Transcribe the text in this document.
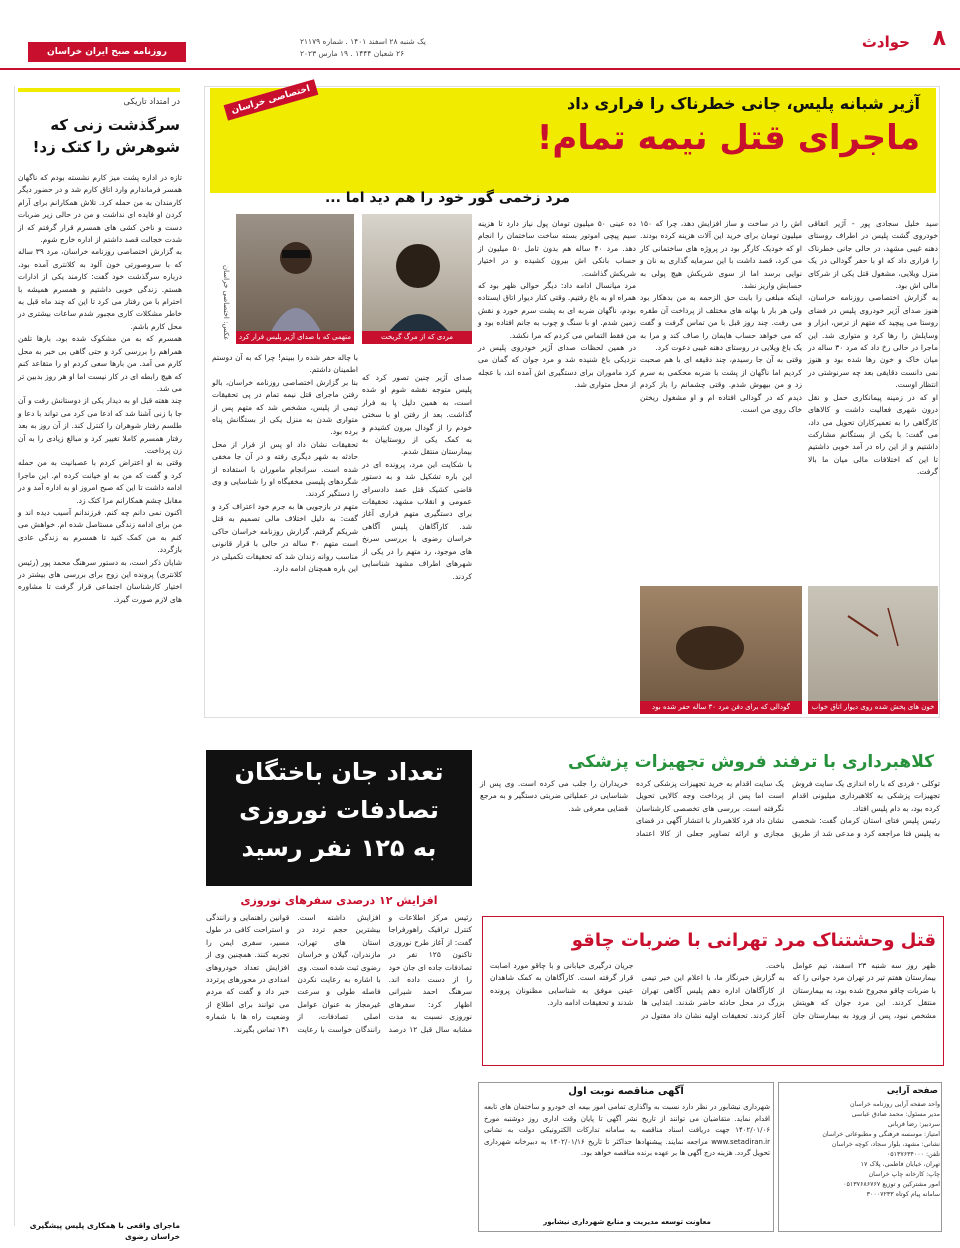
۸
حوادث
یک شنبه ۲۸ اسفند ۱۴۰۱ . شماره ۲۱۱۷۹
۲۶ شعبان ۱۴۴۴ . ۱۹ مارس ۲۰۲۳
روزنامه صبح ایران خراسان
در امتداد تاریکی
سرگذشت زنی که شوهرش را کتک زد!
تازه در اداره پشت میز کارم نشسته بودم که ناگهان همسر فرماندارم وارد اتاق کارم شد و در حضور دیگر کارمندان به من حمله کرد. تلاش همکارانم برای آرام کردن او فایده ای نداشت و من در حالی زیر ضربات دست و ناخن کشی های همسرم قرار گرفتم که از شدت خجالت قصد داشتم از اداره خارج شوم.
به گزارش اختصاصی روزنامه خراسان، مرد ۳۹ ساله که با سروصورتی خون آلود به کلانتری آمده بود، درباره سرگذشت خود گفت: کارمند یکی از ادارات هستم. زندگی خوبی داشتیم و همسرم همیشه با احترام با من رفتار می کرد تا این که چند ماه قبل به خاطر مشکلات کاری مجبور شدم ساعات بیشتری در محل کارم باشم.
همسرم که به من مشکوک شده بود، بارها تلفن همراهم را بررسی کرد و حتی گاهی بی خبر به محل کارم می آمد. من بارها سعی کردم او را متقاعد کنم که هیچ رابطه ای در کار نیست اما او هر روز بدبین تر می شد.
چند هفته قبل او به دیدار یکی از دوستانش رفت و آن جا با زنی آشنا شد که ادعا می کرد می تواند با دعا و طلسم رفتار شوهران را کنترل کند. از آن روز به بعد رفتار همسرم کاملا تغییر کرد و مبالغ زیادی را به آن زن پرداخت.
وقتی به او اعتراض کردم با عصبانیت به من حمله کرد و گفت که من به او خیانت کرده ام. این ماجرا ادامه داشت تا این که صبح امروز او به اداره آمد و در مقابل چشم همکارانم مرا کتک زد.
اکنون نمی دانم چه کنم. فرزندانم آسیب دیده اند و من برای ادامه زندگی مستاصل شده ام. خواهش می کنم به من کمک کنید تا همسرم به زندگی عادی بازگردد.
شایان ذکر است، به دستور سرهنگ محمد پور (رئیس کلانتری) پرونده این زوج برای بررسی های بیشتر در اختیار کارشناسان اجتماعی قرار گرفت تا مشاوره های لازم صورت گیرد.
ماجرای واقعی با همکاری پلیس پیشگیری خراسان رضوی
اختصاصی خراسان	آژیر شبانه پلیس، جانی خطرناک را فراری داد
ماجرای قتل نیمه تمام!
مرد زخمی گور خود را هم دید اما ...
سید خلیل سجادی پور - آژیر اتفاقی خودروی گشت پلیس در اطراف روستای دهنه غیبی مشهد، در حالی جانی خطرناک را فراری داد که او با حفر گودالی در یک منزل ویلایی، مشغول قتل یکی از شرکای مالی اش بود.
به گزارش اختصاصی روزنامه خراسان، هنوز صدای آژیر خودروی پلیس در فضای روستا می پیچید که متهم از ترس، ابزار و وسایلش را رها کرد و متواری شد. این ماجرا در حالی رخ داد که مرد ۳۰ ساله در میان خاک و خون رها شده بود و هنوز نمی دانست دقایقی بعد چه سرنوشتی در انتظار اوست.
او که در زمینه پیمانکاری حمل و نقل درون شهری فعالیت داشت و کالاهای کارگاهی را به تعمیرکاران تحویل می داد، می گفت: با یکی از بستگانم مشارکت داشتیم و از این راه در آمد خوبی داشتیم تا این که اختلافات مالی میان ما بالا گرفت.
اش را در ساخت و ساز افزایش دهد، چرا که ۱۵۰ میلیون تومان برای خرید این آلات هزینه کرده بودند. او که خودیک کارگر بود در پروژه های ساختمانی کار می کرد، قصد داشت با این سرمایه گذاری به نان و نوایی برسد اما از سوی شریکش هیچ پولی به حسابش واریز نشد.
اینکه مبلغی را بابت حق الزحمه به من بدهکار بود ولی هر بار با بهانه های مختلف از پرداخت آن طفره می رفت. چند روز قبل با من تماس گرفت و گفت که می خواهد حساب هایمان را صاف کند و مرا به یک باغ ویلایی در روستای دهنه غیبی دعوت کرد.
وقتی به آن جا رسیدم، چند دقیقه ای با هم صحبت کردیم اما ناگهان از پشت با ضربه محکمی به سرم زد و من بیهوش شدم. وقتی چشمانم را باز کردم دیدم که در گودالی افتاده ام و او مشغول ریختن خاک روی من است.
ده عینی ۵۰ میلیون تومان پول نیاز دارد تا هزینه سیم پیچی اموتور بسته ساخت ساختمان را انجام دهد. مرد ۴۰ ساله هم بدون تامل ۵۰ میلیون از حساب بانکی اش بیرون کشیده و در اختیار شریکش گذاشت.
مرد میانسال ادامه داد: دیگر حوالی ظهر بود که همراه او به باغ رفتیم. وقتی کنار دیوار اتاق ایستاده بودم، ناگهان ضربه ای به پشت سرم خورد و نقش زمین شدم. او با سنگ و چوب به جانم افتاده بود و من فقط التماس می کردم که مرا نکشد.
در همین لحظات صدای آژیر خودروی پلیس در نزدیکی باغ شنیده شد و مرد جوان که گمان می کرد ماموران برای دستگیری اش آمده اند، با عجله از محل متواری شد.
صدای آژیر چنین تصور کرد که پلیس متوجه نقشه شوم او شده است، به همین دلیل پا به فرار گذاشت. بعد از رفتن او با سختی خودم را از گودال بیرون کشیدم و به کمک یکی از روستاییان به بیمارستان منتقل شدم.
با شکایت این مرد، پرونده ای در این باره تشکیل شد و به دستور قاضی کشیک قتل عمد دادسرای عمومی و انقلاب مشهد، تحقیقات برای دستگیری متهم فراری آغاز شد. کارآگاهان پلیس آگاهی خراسان رضوی با بررسی سرنخ های موجود، رد متهم را در یکی از شهرهای اطراف مشهد شناسایی کردند.
با چاله حفر شده را ببینم! چرا که به آن دوستم اطمینان داشتم.
بنا بر گزارش اختصاصی روزنامه خراسان، بالو رفتن ماجرای قتل نیمه تمام در پی تحقیقات تیمی از پلیس، مشخص شد که متهم پس از متواری شدن به منزل یکی از بستگانش پناه برده بود.
تحقیقات نشان داد او پس از فرار از محل حادثه به شهر دیگری رفته و در آن جا مخفی شده است. سرانجام ماموران با استفاده از شگردهای پلیسی مخفیگاه او را شناسایی و وی را دستگیر کردند.
متهم در بازجویی ها به جرم خود اعتراف کرد و گفت: به دلیل اختلاف مالی تصمیم به قتل شریکم گرفتم. گزارش روزنامه خراسان حاکی است متهم ۳۰ ساله در حالی با قرار قانونی مناسب روانه زندان شد که تحقیقات تکمیلی در این باره همچنان ادامه دارد.
متهمی که با صدای آژیر پلیس فرار کرد
عکس: اختصاصی خراسان	مردی که از مرگ گریخت
خون های پخش شده روی دیوار اتاق خواب
گودالی که برای دفن مرد ۳۰ ساله حفر شده بود
کلاهبرداری با ترفند فروش تجهیزات پزشکی
توکلی - فردی که با راه اندازی یک سایت فروش تجهیزات پزشکی به کلاهبرداری میلیونی اقدام کرده بود، به دام پلیس افتاد.
رئیس پلیس فتای استان کرمان گفت: شخصی به پلیس فتا مراجعه کرد و مدعی شد از طریق یک سایت اقدام به خرید تجهیزات پزشکی کرده است اما پس از پرداخت وجه کالایی تحویل نگرفته است. بررسی های تخصصی کارشناسان نشان داد فرد کلاهبردار با انتشار آگهی در فضای مجازی و ارائه تصاویر جعلی از کالا اعتماد خریداران را جلب می کرده است. وی پس از شناسایی در عملیاتی ضربتی دستگیر و به مرجع قضایی معرفی شد.
تعداد جان باختگان
تصادفات نوروزی
به ۱۲۵ نفر رسید
افزایش ۱۲ درصدی سفرهای نوروزی
رئیس مرکز اطلاعات و کنترل ترافیک راهورفراجا گفت: از آغاز طرح نوروزی تاکنون ۱۲۵ نفر در تصادفات جاده ای جان خود را از دست داده اند. سرهنگ احمد شیرانی اظهار کرد: سفرهای نوروزی نسبت به مدت مشابه سال قبل ۱۲ درصد افزایش داشته است. بیشترین حجم تردد در استان های تهران، مازندران، گیلان و خراسان رضوی ثبت شده است. وی با اشاره به رعایت نکردن فاصله طولی و سرعت غیرمجاز به عنوان عوامل اصلی تصادفات، از رانندگان خواست با رعایت قوانین راهنمایی و رانندگی و استراحت کافی در طول مسیر، سفری ایمن را تجربه کنند. همچنین وی از افزایش تعداد خودروهای امدادی در محورهای پرتردد خبر داد و گفت که مردم می توانند برای اطلاع از وضعیت راه ها با شماره ۱۴۱ تماس بگیرند.
قتل وحشتناک مرد تهرانی با ضربات چاقو
ظهر روز سه شنبه ۲۳ اسفند، تیم عوامل بیمارستان هفتم تیر در تهران مرد جوانی را که با ضربات چاقو مجروح شده بود، به بیمارستان منتقل کردند. این مرد جوان که هویتش مشخص نبود، پس از ورود به بیمارستان جان باخت.
به گزارش خبرنگار ما، با اعلام این خبر تیمی از کارآگاهان اداره دهم پلیس آگاهی تهران بزرگ در محل حادثه حاضر شدند. ابتدایی ها آغاز کردند. تحقیقات اولیه نشان داد مقتول در جریان درگیری خیابانی و با چاقو مورد اصابت قرار گرفته است. کارآگاهان به کمک شاهدان عینی موفق به شناسایی مظنونان پرونده شدند و تحقیقات ادامه دارد.
آگهی مناقصه نوبت اول
شهرداری نیشابور در نظر دارد نسبت به واگذاری تمامی امور بیمه ای خودرو و ساختمان های تابعه اقدام نماید. متقاضیان می توانند از تاریخ نشر آگهی تا پایان وقت اداری روز دوشنبه مورخ ۱۴۰۲/۰۱/۰۶ جهت دریافت اسناد مناقصه به سامانه تدارکات الکترونیکی دولت به نشانی www.setadiran.ir مراجعه نمایند. پیشنهادها حداکثر تا تاریخ ۱۴۰۲/۰۱/۱۶ به دبیرخانه شهرداری تحویل گردد. هزینه درج آگهی ها بر عهده برنده مناقصه خواهد بود.
معاونت توسعه مدیریت و منابع شهرداری نیشابور
صفحه آرایی
واحد صفحه آرایی روزنامه خراسان
مدیر مسئول: محمد صادق عباسی
سردبیر: رضا قربانی
امتیاز: موسسه فرهنگی و مطبوعاتی خراسان
نشانی: مشهد، بلوار سجاد، کوچه خراسان
تلفن: ۰۵۱۳۷۶۳۴۰۰۰
تهران، خیابان فاطمی، پلاک ۱۷
چاپ: کارخانه چاپ خراسان
امور مشترکین و توزیع ۰۵۱۳۷۶۸۶۷۶۷
سامانه پیام کوتاه ۳۰۰۰۷۲۳۳
